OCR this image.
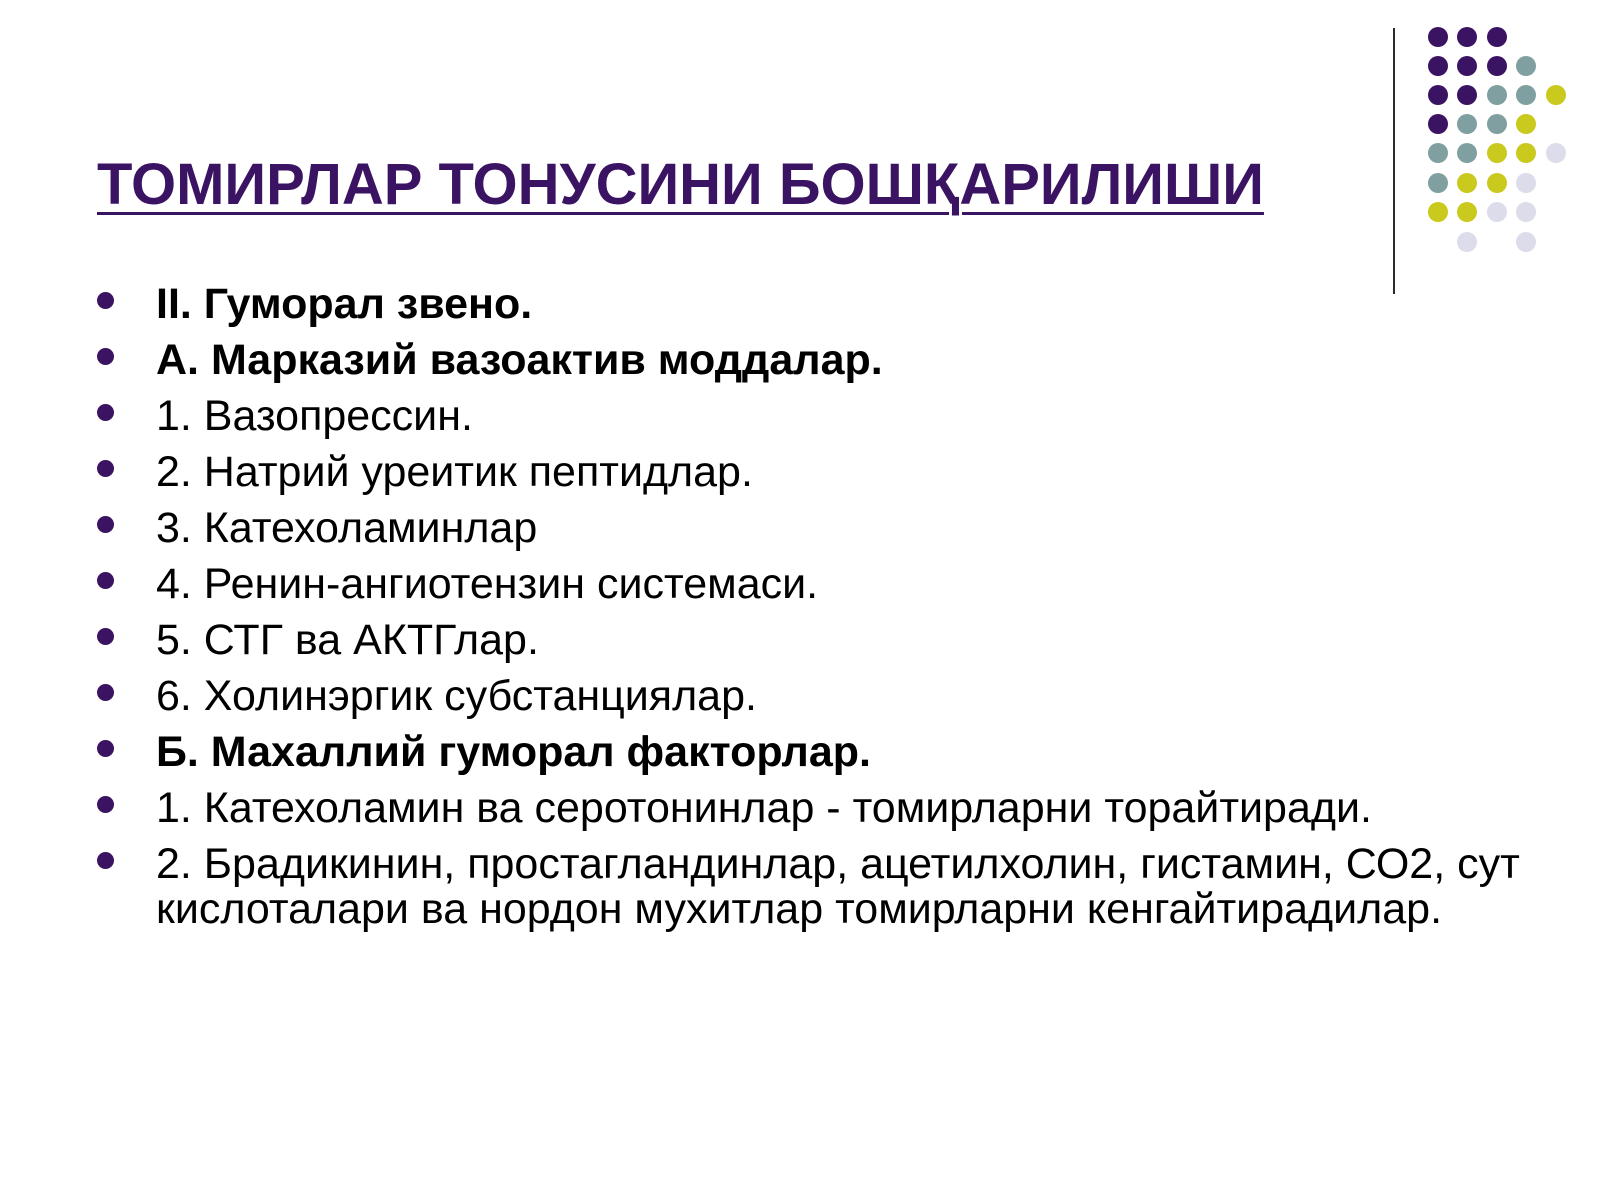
ТОМИРЛАР ТОНУСИНИ БОШҚАРИЛИШИ
II. Гуморал звено.
А. Марказий вазоактив моддалар.
1. Вазопрессин.
2. Натрий уреитик пептидлар.
3. Катехоламинлар
4. Ренин-ангиотензин системаси.
5. СТГ ва АКТГлар.
6. Холинэргик субстанциялар.
Б. Махаллий гуморал факторлар.
1. Катехоламин ва серотонинлар - томирларни торайтиради.
2. Брадикинин, простагландинлар, ацетилхолин, гистамин, СО2, сут кислоталари ва нордон мухитлар томирларни кенгайтирадилар.
